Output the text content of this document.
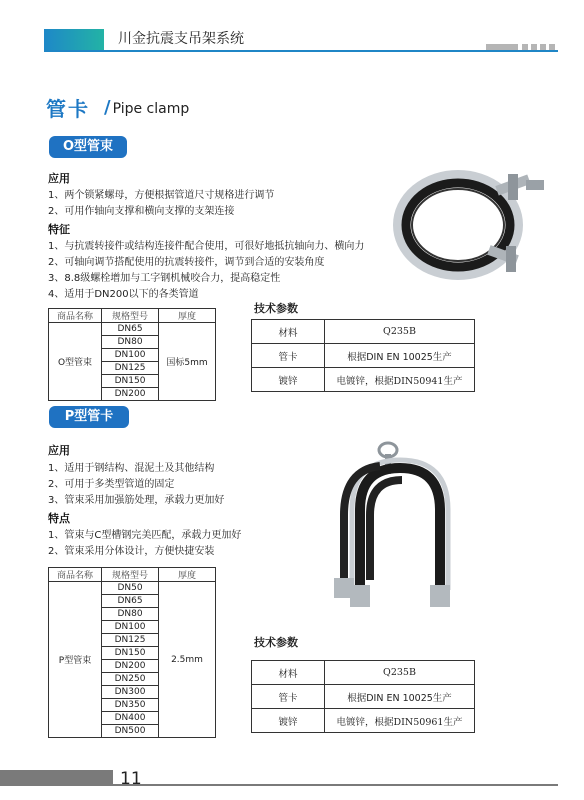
川金抗震支吊架系统
管卡 / Pipe clamp
O型管束
应用
1、两个锁紧螺母，方便根据管道尺寸规格进行调节
2、可用作轴向支撑和横向支撑的支架连接
特征
1、与抗震转接件或结构连接件配合使用，可很好地抵抗轴向力、横向力
2、可轴向调节搭配使用的抗震转接件，调节到合适的安装角度
3、8.8级螺栓增加与工字钢机械咬合力，提高稳定性
4、适用于DN200以下的各类管道
商品名称	规格型号	厚度
O型管束	DN65	国标5mm
	DN80	
	DN100	
	DN125	
	DN150	
	DN200	
技术参数
材料	Q235B
管卡	根据DIN EN 10025生产
镀锌	电镀锌，根据DIN50941生产
P型管卡
应用
1、适用于钢结构、混泥土及其他结构
2、可用于多类型管道的固定
3、管束采用加强筋处理，承载力更加好
特点
1、管束与C型槽钢完美匹配，承载力更加好
2、管束采用分体设计，方便快捷安装
商品名称	规格型号	厚度
P型管束	DN50	2.5mm
	DN65	
	DN80	
	DN100	
	DN125	
	DN150	
	DN200	
	DN250	
	DN300	
	DN350	
	DN400	
	DN500	
技术参数
材料	Q235B
管卡	根据DIN EN 10025生产
镀锌	电镀锌，根据DIN50961生产
11
